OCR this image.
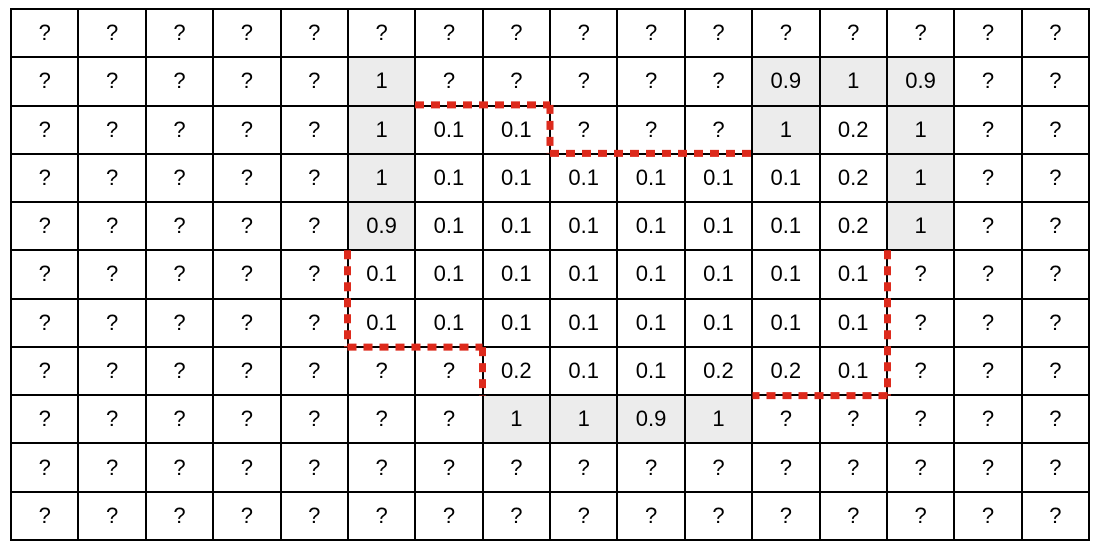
?	?	?	?	?	?	?	?	?	?	?	?	?	?	?	?
?	?	?	?	?	1	?	?	?	?	?	0.9	1	0.9	?	?
?	?	?	?	?	1	0.1	0.1	?	?	?	1	0.2	1	?	?
?	?	?	?	?	1	0.1	0.1	0.1	0.1	0.1	0.1	0.2	1	?	?
?	?	?	?	?	0.9	0.1	0.1	0.1	0.1	0.1	0.1	0.2	1	?	?
?	?	?	?	?	0.1	0.1	0.1	0.1	0.1	0.1	0.1	0.1	?	?	?
?	?	?	?	?	0.1	0.1	0.1	0.1	0.1	0.1	0.1	0.1	?	?	?
?	?	?	?	?	?	?	0.2	0.1	0.1	0.2	0.2	0.1	?	?	?
?	?	?	?	?	?	?	1	1	0.9	1	?	?	?	?	?
?	?	?	?	?	?	?	?	?	?	?	?	?	?	?	?
?	?	?	?	?	?	?	?	?	?	?	?	?	?	?	?
